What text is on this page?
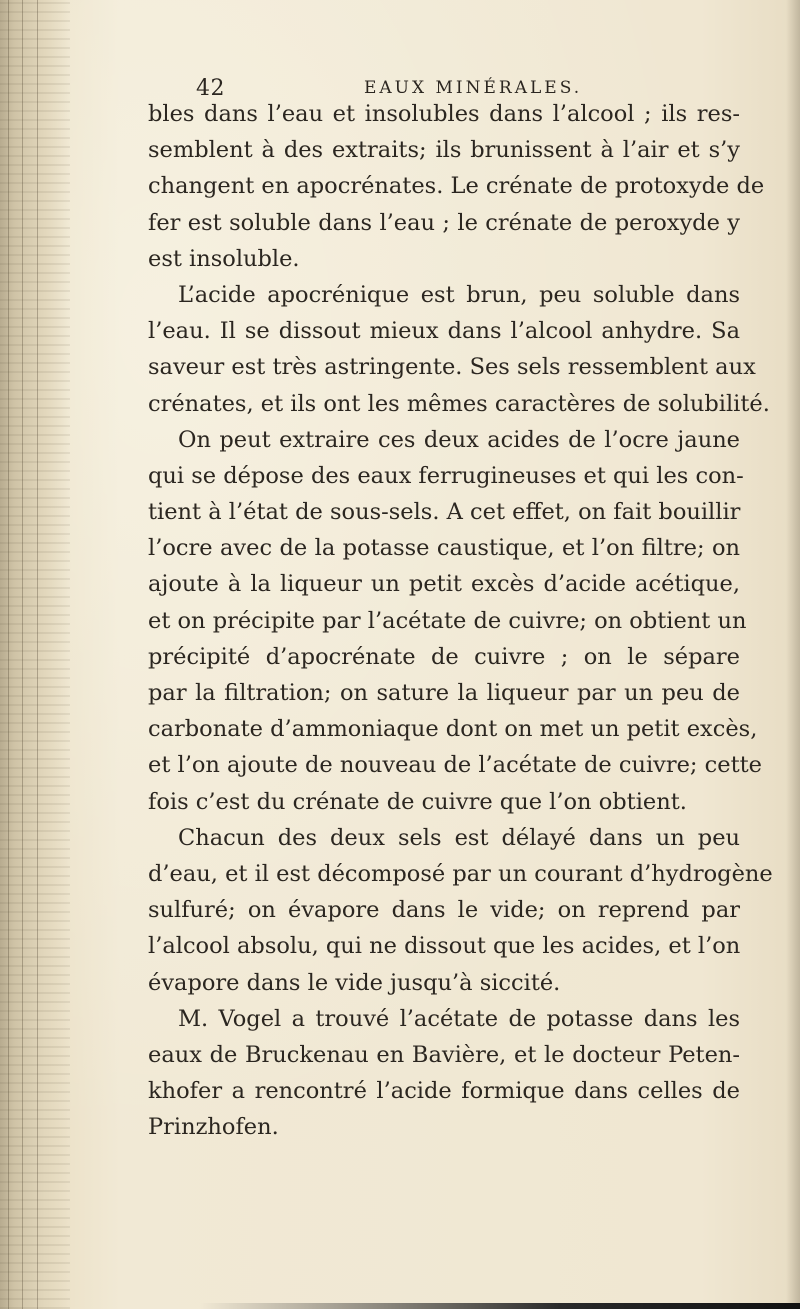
42	EAUX MINÉRALES.
bles dans l’eau et insolubles dans l’alcool ; ils res-
semblent à des extraits; ils brunissent à l’air et s’y
changent en apocrénates. Le crénate de protoxyde de
fer est soluble dans l’eau ; le crénate de peroxyde y
est insoluble.
L’acide apocrénique est brun, peu soluble dans
l’eau. Il se dissout mieux dans l’alcool anhydre. Sa
saveur est très astringente. Ses sels ressemblent aux
crénates, et ils ont les mêmes caractères de solubilité.
On peut extraire ces deux acides de l’ocre jaune
qui se dépose des eaux ferrugineuses et qui les con-
tient à l’état de sous-sels. A cet effet, on fait bouillir
l’ocre avec de la potasse caustique, et l’on filtre; on
ajoute à la liqueur un petit excès d’acide acétique,
et on précipite par l’acétate de cuivre; on obtient un
précipité d’apocrénate de cuivre ; on le sépare
par la filtration; on sature la liqueur par un peu de
carbonate d’ammoniaque dont on met un petit excès,
et l’on ajoute de nouveau de l’acétate de cuivre; cette
fois c’est du crénate de cuivre que l’on obtient.
Chacun des deux sels est délayé dans un peu
d’eau, et il est décomposé par un courant d’hydrogène
sulfuré; on évapore dans le vide; on reprend par
l’alcool absolu, qui ne dissout que les acides, et l’on
évapore dans le vide jusqu’à siccité.
M. Vogel a trouvé l’acétate de potasse dans les
eaux de Bruckenau en Bavière, et le docteur Peten-
khofer a rencontré l’acide formique dans celles de
Prinzhofen.
